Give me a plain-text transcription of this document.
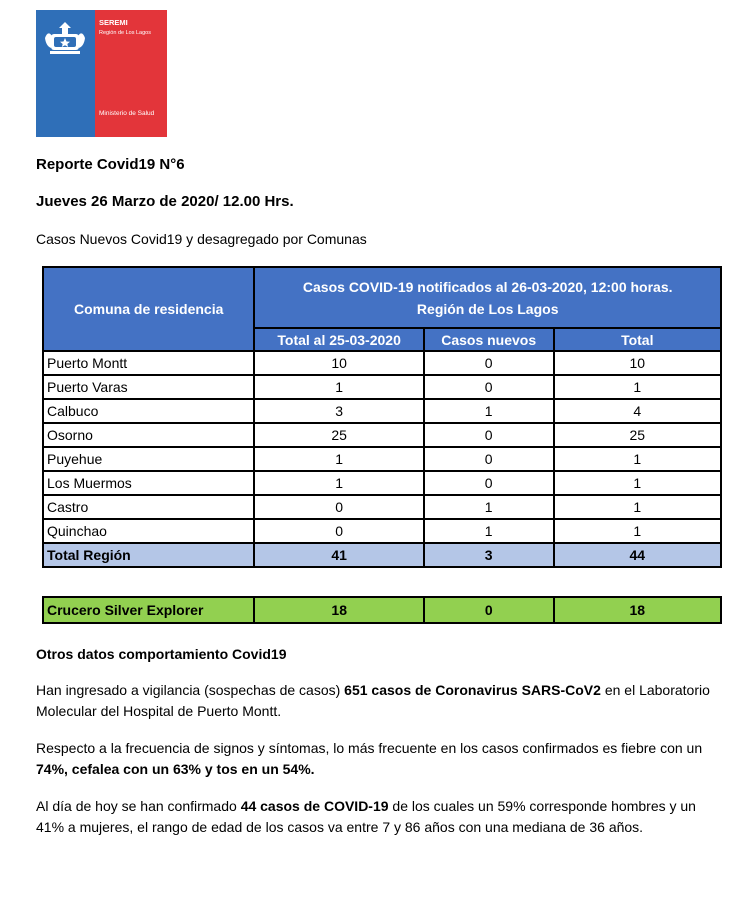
SEREMI
Región de Los Lagos
Ministerio de Salud
Reporte Covid19 N°6
Jueves 26 Marzo de 2020/ 12.00 Hrs.
Casos Nuevos Covid19 y desagregado por Comunas
Comuna de residencia	Casos COVID-19 notificados al 26-03-2020, 12:00 horas.
Región de Los Lagos		

	Total al 25-03-2020	Casos nuevos	Total
Puerto Montt	10	0	10
Puerto Varas	1	0	1
Calbuco	3	1	4
Osorno	25	0	25
Puyehue	1	0	1
Los Muermos	1	0	1
Castro	0	1	1
Quinchao	0	1	1
Total Región	41	3	44
Crucero Silver Explorer	18	0	18
Otros datos comportamiento Covid19
Han ingresado a vigilancia (sospechas de casos) 651 casos de Coronavirus SARS-CoV2 en el Laboratorio Molecular del Hospital de Puerto Montt.
Respecto a la frecuencia de signos y síntomas, lo más frecuente en los casos confirmados es fiebre con un 74%, cefalea con un 63% y tos en un 54%.
Al día de hoy se han confirmado 44 casos de COVID-19 de los cuales un 59% corresponde hombres y un 41% a mujeres, el rango de edad de los casos va entre 7 y 86 años con una mediana de 36 años.
